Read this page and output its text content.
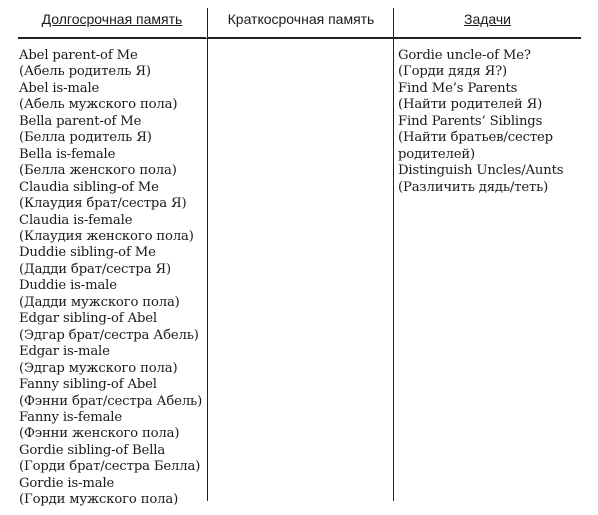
Долгосрочная память
Abel parent-of Me
(Абель родитель Я)
Abel is-male
(Абель мужского пола)
Bella parent-of Me
(Белла родитель Я)
Bella is-female
(Белла женского пола)
Claudia sibling-of Me
(Клаудия брат/сестра Я)
Claudia is-female
(Клаудия женского пола)
Duddie sibling-of Me
(Дадди брат/сестра Я)
Duddie is-male
(Дадди мужского пола)
Edgar sibling-of Abel
(Эдгар брат/сестра Абель)
Edgar is-male
(Эдгар мужского пола)
Fanny sibling-of Abel
(Фэнни брат/сестра Абель)
Fanny is-female
(Фэнни женского пола)
Gordie sibling-of Bella
(Горди брат/сестра Белла)
Gordie is-male
(Горди мужского пола)
Краткосрочная память	Задачи
Gordie uncle-of Me?
(Горди дядя Я?)
Find Me’s Parents
(Найти родителей Я)
Find Parents’ Siblings
(Найти братьев/сестер
родителей)
Distinguish Uncles/Aunts
(Различить дядь/теть)
